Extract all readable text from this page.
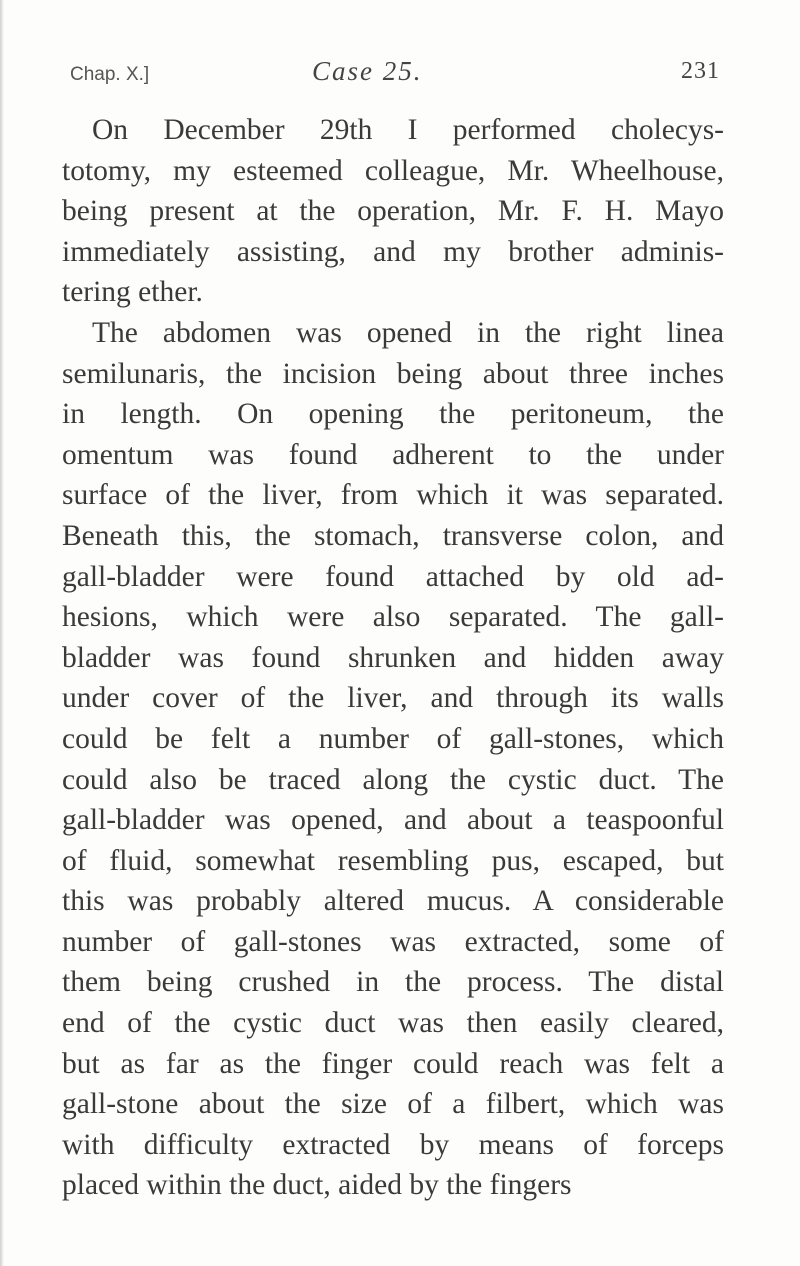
Chap. X.]	Case 25.	231
On December 29th I performed cholecys-
totomy, my esteemed colleague, Mr. Wheelhouse,
being present at the operation, Mr. F. H. Mayo
immediately assisting, and my brother adminis-
tering ether.
The abdomen was opened in the right linea
semilunaris, the incision being about three inches
in length. On opening the peritoneum, the
omentum was found adherent to the under
surface of the liver, from which it was separated.
Beneath this, the stomach, transverse colon, and
gall-bladder were found attached by old ad-
hesions, which were also separated. The gall-
bladder was found shrunken and hidden away
under cover of the liver, and through its walls
could be felt a number of gall-stones, which
could also be traced along the cystic duct. The
gall-bladder was opened, and about a teaspoonful
of fluid, somewhat resembling pus, escaped, but
this was probably altered mucus. A considerable
number of gall-stones was extracted, some of
them being crushed in the process. The distal
end of the cystic duct was then easily cleared,
but as far as the finger could reach was felt a
gall-stone about the size of a filbert, which was
with difficulty extracted by means of forceps
placed within the duct, aided by the fingers
